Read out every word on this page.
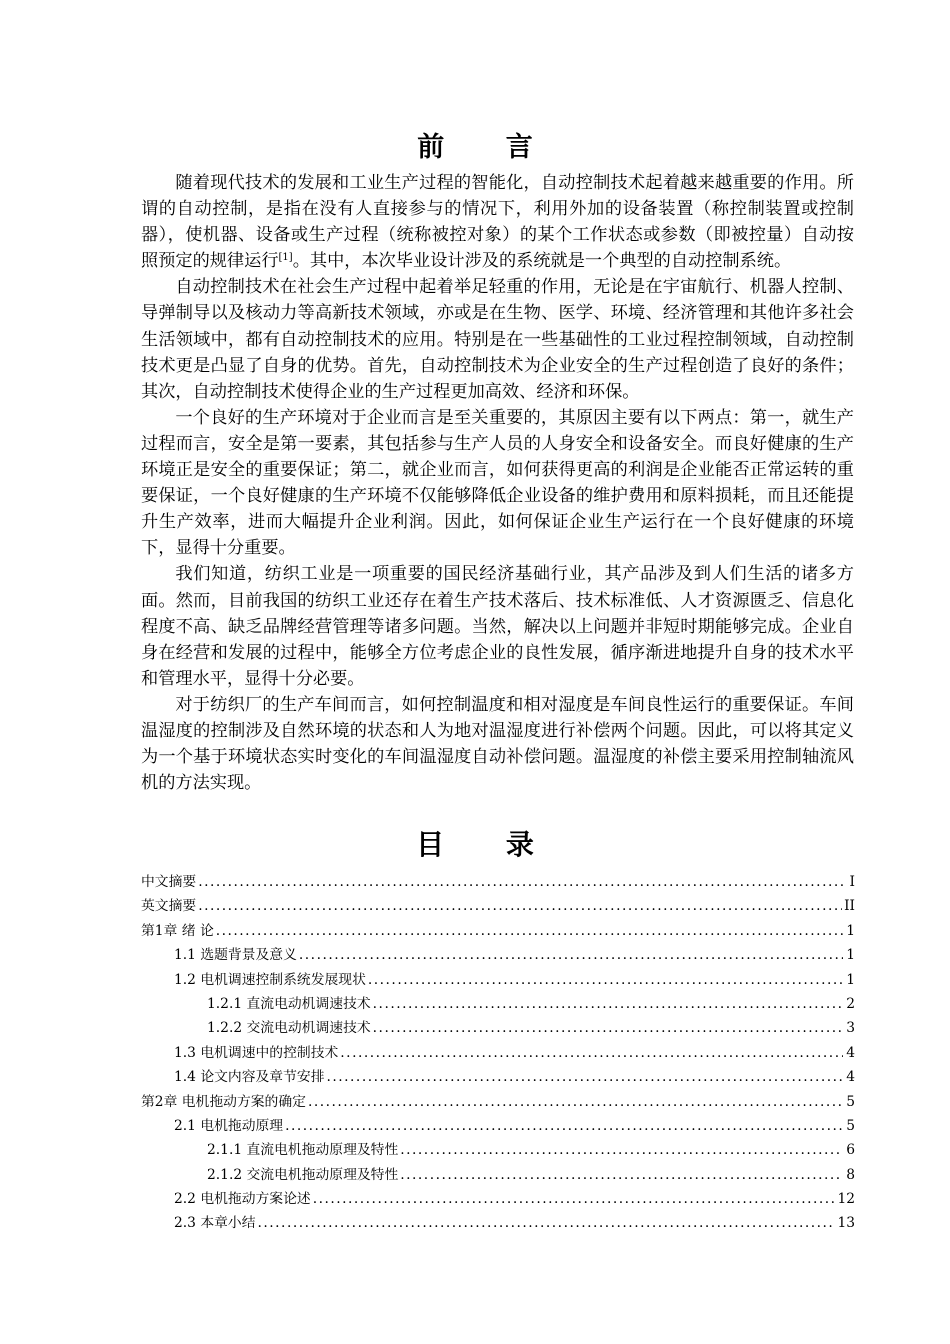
前 言

随着现代技术的发展和工业生产过程的智能化，自动控制技术起着越来越重要的作用。所谓的自动控制，是指在没有人直接参与的情况下，利用外加的设备装置（称控制装置或控制器），使机器、设备或生产过程（统称被控对象）的某个工作状态或参数（即被控量）自动按照预定的规律运行[1]。其中，本次毕业设计涉及的系统就是一个典型的自动控制系统。

自动控制技术在社会生产过程中起着举足轻重的作用，无论是在宇宙航行、机器人控制、导弹制导以及核动力等高新技术领域，亦或是在生物、医学、环境、经济管理和其他许多社会生活领域中，都有自动控制技术的应用。特别是在一些基础性的工业过程控制领域，自动控制技术更是凸显了自身的优势。首先，自动控制技术为企业安全的生产过程创造了良好的条件；其次，自动控制技术使得企业的生产过程更加高效、经济和环保。

一个良好的生产环境对于企业而言是至关重要的，其原因主要有以下两点：第一，就生产过程而言，安全是第一要素，其包括参与生产人员的人身安全和设备安全。而良好健康的生产环境正是安全的重要保证；第二，就企业而言，如何获得更高的利润是企业能否正常运转的重要保证，一个良好健康的生产环境不仅能够降低企业设备的维护费用和原料损耗，而且还能提升生产效率，进而大幅提升企业利润。因此，如何保证企业生产运行在一个良好健康的环境下，显得十分重要。

我们知道，纺织工业是一项重要的国民经济基础行业，其产品涉及到人们生活的诸多方面。然而，目前我国的纺织工业还存在着生产技术落后、技术标准低、人才资源匮乏、信息化程度不高、缺乏品牌经营管理等诸多问题。当然，解决以上问题并非短时期能够完成。企业自身在经营和发展的过程中，能够全方位考虑企业的良性发展，循序渐进地提升自身的技术水平和管理水平，显得十分必要。

对于纺织厂的生产车间而言，如何控制温度和相对湿度是车间良性运行的重要保证。车间温湿度的控制涉及自然环境的状态和人为地对温湿度进行补偿两个问题。因此，可以将其定义为一个基于环境状态实时变化的车间温湿度自动补偿问题。温湿度的补偿主要采用控制轴流风机的方法实现。

目 录
中文摘要 .....	I
英文摘要 .....	II
第1章 绪 论 .....	1
1.1 选题背景及意义 .....	1
1.2 电机调速控制系统发展现状 .....	1
1.2.1 直流电动机调速技术 .....	2
1.2.2 交流电动机调速技术 .....	3
1.3 电机调速中的控制技术 .....	4
1.4 论文内容及章节安排 .....	4
第2章 电机拖动方案的确定 .....	5
2.1 电机拖动原理 .....	5
2.1.1 直流电机拖动原理及特性 .....	6
2.1.2 交流电机拖动原理及特性 .....	8
2.2 电机拖动方案论述 .....	12
2.3 本章小结 .....	13
